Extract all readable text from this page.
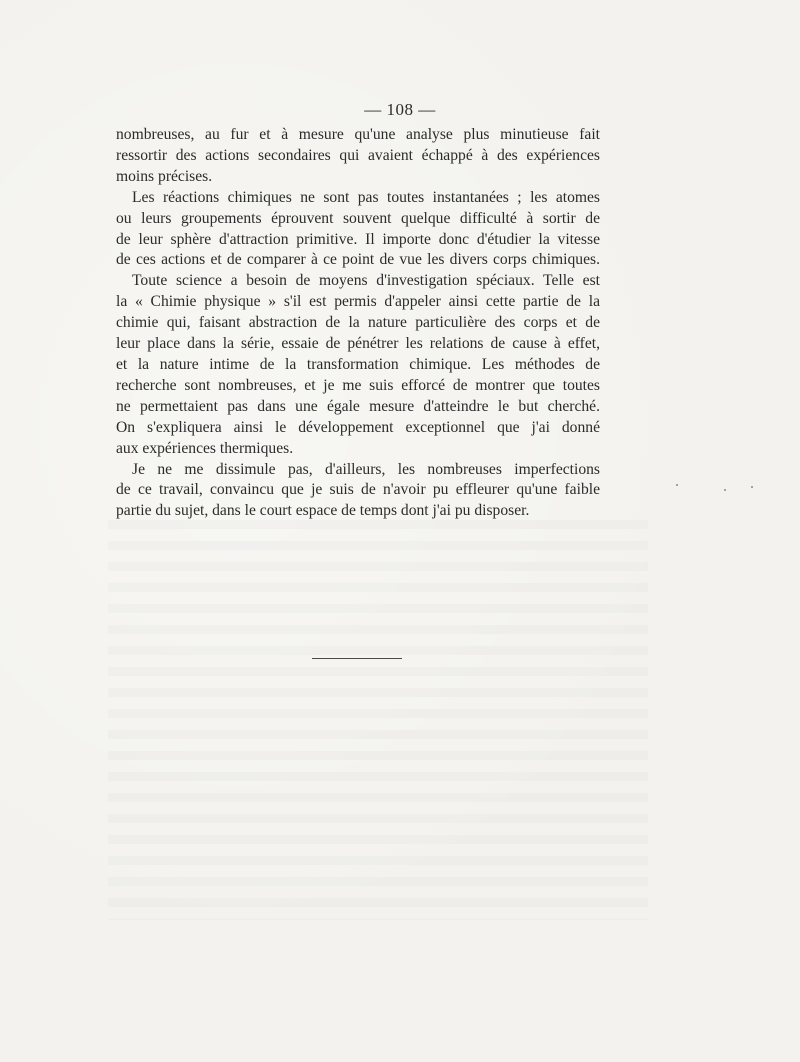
— 108 —
nombreuses, au fur et à mesure qu'une analyse plus minutieuse fait
ressortir des actions secondaires qui avaient échappé à des expériences
moins précises.
Les réactions chimiques ne sont pas toutes instantanées ; les atomes
ou leurs groupements éprouvent souvent quelque difficulté à sortir de
de leur sphère d'attraction primitive. Il importe donc d'étudier la vitesse
de ces actions et de comparer à ce point de vue les divers corps chimiques.
Toute science a besoin de moyens d'investigation spéciaux. Telle est
la « Chimie physique » s'il est permis d'appeler ainsi cette partie de la
chimie qui, faisant abstraction de la nature particulière des corps et de
leur place dans la série, essaie de pénétrer les relations de cause à effet,
et la nature intime de la transformation chimique. Les méthodes de
recherche sont nombreuses, et je me suis efforcé de montrer que toutes
ne permettaient pas dans une égale mesure d'atteindre le but cherché.
On s'expliquera ainsi le développement exceptionnel que j'ai donné
aux expériences thermiques.
Je ne me dissimule pas, d'ailleurs, les nombreuses imperfections
de ce travail, convaincu que je suis de n'avoir pu effleurer qu'une faible
partie du sujet, dans le court espace de temps dont j'ai pu disposer.
